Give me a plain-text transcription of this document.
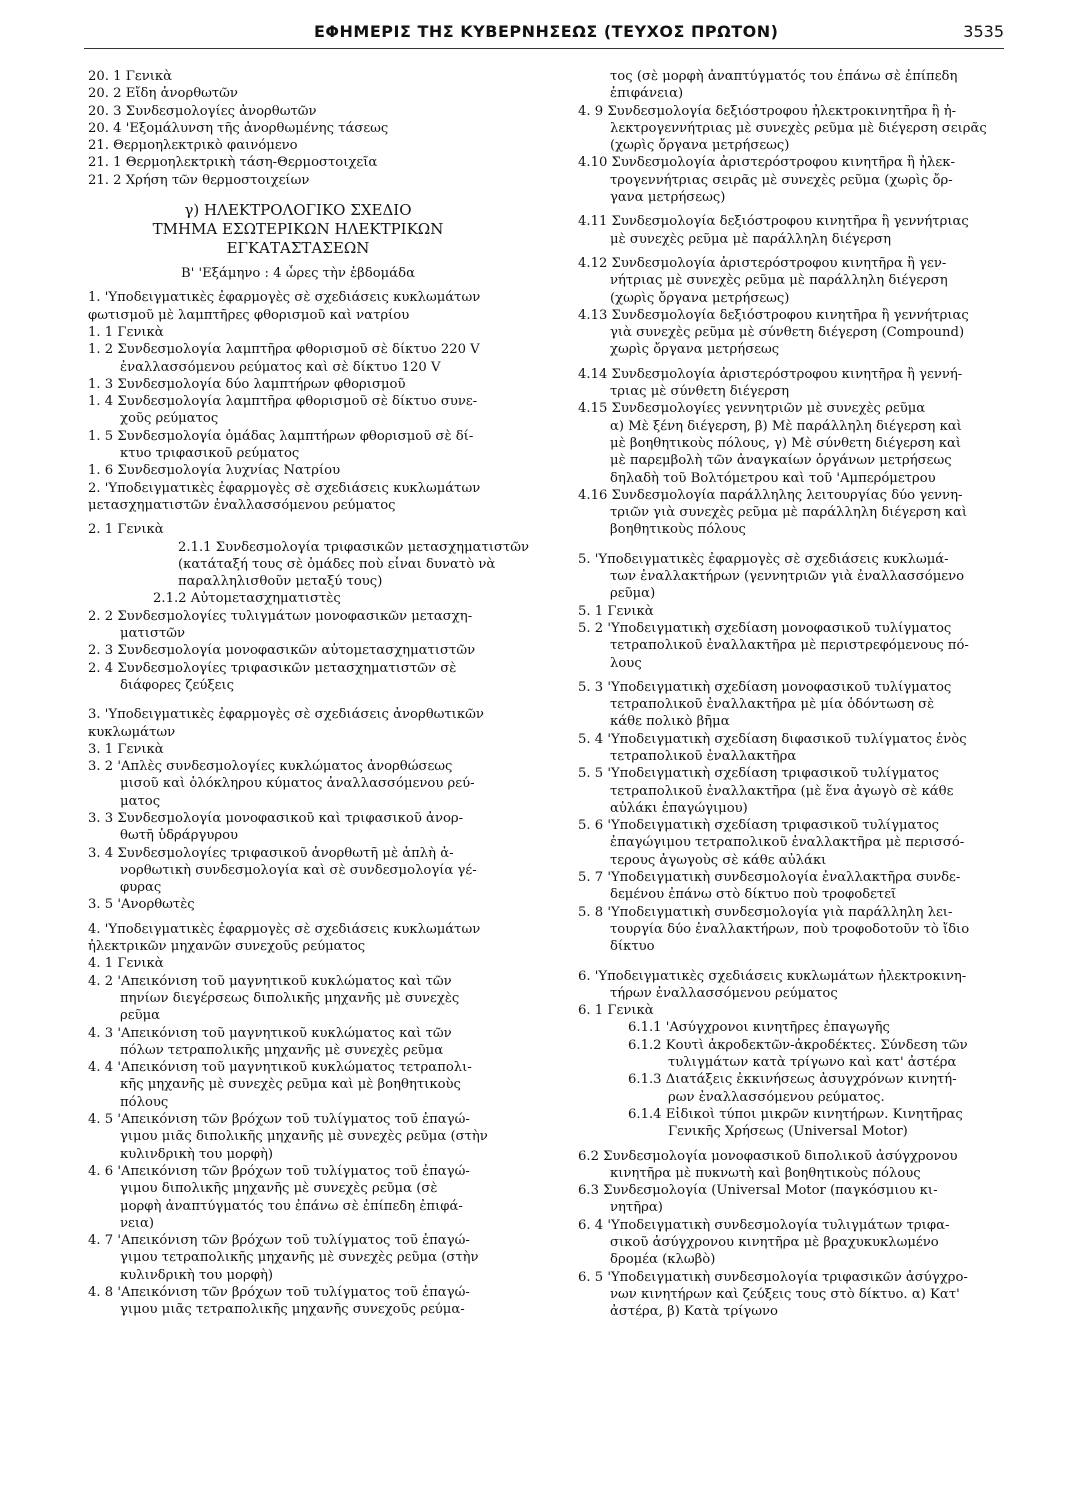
ΕΦΗΜΕΡΙΣ ΤΗΣ ΚΥΒΕΡΝΗΣΕΩΣ (ΤΕΥΧΟΣ ΠΡΩΤΟΝ)	3535
20. 1 Γενικὰ
20. 2 Εἴδη ἀνορθωτῶν
20. 3 Συνδεσμολογίες ἀνορθωτῶν
20. 4 'Εξομάλυνση τῆς ἀνορθωμένης τάσεως
21. Θερμοηλεκτρικὸ φαινόμενο
21. 1 Θερμοηλεκτρικὴ τάση-Θερμοστοιχεῖα
21. 2 Χρήση τῶν θερμοστοιχείων
γ) ΗΛΕΚΤΡΟΛΟΓΙΚΟ ΣΧΕΔΙΟ
ΤΜΗΜΑ ΕΣΩΤΕΡΙΚΩΝ ΗΛΕΚΤΡΙΚΩΝ
ΕΓΚΑΤΑΣΤΑΣΕΩΝ
Β' 'Εξάμηνο : 4 ὧρες τὴν ἑβδομάδα
1. 'Υποδειγματικὲς ἐφαρμογὲς σὲ σχεδιάσεις κυκλωμάτων
φωτισμοῦ μὲ λαμπτῆρες φθορισμοῦ καὶ νατρίου
1. 1 Γενικὰ
1. 2 Συνδεσμολογία λαμπτῆρα φθορισμοῦ σὲ δίκτυο 220 V
ἐναλλασσόμενου ρεύματος καὶ σὲ δίκτυο 120 V
1. 3 Συνδεσμολογία δύο λαμπτήρων φθορισμοῦ
1. 4 Συνδεσμολογία λαμπτῆρα φθορισμοῦ σὲ δίκτυο συνε-
χοῦς ρεύματος
1. 5 Συνδεσμολογία ὁμάδας λαμπτήρων φθορισμοῦ σὲ δί-
κτυο τριφασικοῦ ρεύματος
1. 6 Συνδεσμολογία λυχνίας Νατρίου
2. 'Υποδειγματικὲς ἐφαρμογὲς σὲ σχεδιάσεις κυκλωμάτων
μετασχηματιστῶν ἐναλλασσόμενου ρεύματος
2. 1 Γενικὰ
2.1.1 Συνδεσμολογία τριφασικῶν μετασχηματιστῶν
(κατάταξή τους σὲ ὁμάδες ποὺ εἶναι δυνατὸ νὰ
παραλληλισθοῦν μεταξύ τους)
2.1.2 Αὐτομετασχηματιστὲς
2. 2 Συνδεσμολογίες τυλιγμάτων μονοφασικῶν μετασχη-
ματιστῶν
2. 3 Συνδεσμολογία μονοφασικῶν αὐτομετασχηματιστῶν
2. 4 Συνδεσμολογίες τριφασικῶν μετασχηματιστῶν σὲ
διάφορες ζεύξεις
3. 'Υποδειγματικὲς ἐφαρμογὲς σὲ σχεδιάσεις ἀνορθωτικῶν
κυκλωμάτων
3. 1 Γενικὰ
3. 2 'Απλὲς συνδεσμολογίες κυκλώματος ἀνορθώσεως
μισοῦ καὶ ὁλόκληρου κύματος ἀναλλασσόμενου ρεύ-
ματος
3. 3 Συνδεσμολογία μονοφασικοῦ καὶ τριφασικοῦ ἀνορ-
θωτῆ ὑδράργυρου
3. 4 Συνδεσμολογίες τριφασικοῦ ἀνορθωτῆ μὲ ἁπλὴ ἀ-
νορθωτικὴ συνδεσμολογία καὶ σὲ συνδεσμολογία γέ-
φυρας
3. 5 'Ανορθωτὲς
4. 'Υποδειγματικὲς ἐφαρμογὲς σὲ σχεδιάσεις κυκλωμάτων
ἠλεκτρικῶν μηχανῶν συνεχοῦς ρεύματος
4. 1 Γενικὰ
4. 2 'Απεικόνιση τοῦ μαγνητικοῦ κυκλώματος καὶ τῶν
πηνίων διεγέρσεως διπολικῆς μηχανῆς μὲ συνεχὲς
ρεῦμα
4. 3 'Απεικόνιση τοῦ μαγνητικοῦ κυκλώματος καὶ τῶν
πόλων τετραπολικῆς μηχανῆς μὲ συνεχὲς ρεῦμα
4. 4 'Απεικόνιση τοῦ μαγνητικοῦ κυκλώματος τετραπολι-
κῆς μηχανῆς μὲ συνεχὲς ρεῦμα καὶ μὲ βοηθητικοὺς
πόλους
4. 5 'Απεικόνιση τῶν βρόχων τοῦ τυλίγματος τοῦ ἐπαγώ-
γιμου μιᾶς διπολικῆς μηχανῆς μὲ συνεχὲς ρεῦμα (στὴν
κυλινδρικὴ του μορφὴ)
4. 6 'Απεικόνιση τῶν βρόχων τοῦ τυλίγματος τοῦ ἐπαγώ-
γιμου διπολικῆς μηχανῆς μὲ συνεχὲς ρεῦμα (σὲ
μορφὴ ἀναπτύγματός του ἐπάνω σὲ ἐπίπεδη ἐπιφά-
νεια)
4. 7 'Απεικόνιση τῶν βρόχων τοῦ τυλίγματος τοῦ ἐπαγώ-
γιμου τετραπολικῆς μηχανῆς μὲ συνεχὲς ρεῦμα (στὴν
κυλινδρικὴ του μορφὴ)
4. 8 'Απεικόνιση τῶν βρόχων τοῦ τυλίγματος τοῦ ἐπαγώ-
γιμου μιᾶς τετραπολικῆς μηχανῆς συνεχοῦς ρεύμα-
τος (σὲ μορφὴ ἀναπτύγματός του ἐπάνω σὲ ἐπίπεδη
ἐπιφάνεια)
4. 9 Συνδεσμολογία δεξιόστροφου ἠλεκτροκινητῆρα ἢ ἠ-
λεκτρογεννήτριας μὲ συνεχὲς ρεῦμα μὲ διέγερση σειρᾶς
(χωρὶς ὄργανα μετρήσεως)
4.10 Συνδεσμολογία ἀριστερόστροφου κινητῆρα ἢ ἠλεκ-
τρογεννήτριας σειρᾶς μὲ συνεχὲς ρεῦμα (χωρὶς ὄρ-
γανα μετρήσεως)
4.11 Συνδεσμολογία δεξιόστροφου κινητῆρα ἢ γεννήτριας
μὲ συνεχὲς ρεῦμα μὲ παράλληλη διέγερση
4.12 Συνδεσμολογία ἀριστερόστροφου κινητῆρα ἢ γεν-
νήτριας μὲ συνεχὲς ρεῦμα μὲ παράλληλη διέγερση
(χωρὶς ὄργανα μετρήσεως)
4.13 Συνδεσμολογία δεξιόστροφου κινητῆρα ἢ γεννήτριας
γιὰ συνεχὲς ρεῦμα μὲ σύνθετη διέγερση (Compound)
χωρὶς ὄργανα μετρήσεως
4.14 Συνδεσμολογία ἀριστερόστροφου κινητῆρα ἢ γεννή-
τριας μὲ σύνθετη διέγερση
4.15 Συνδεσμολογίες γεννητριῶν μὲ συνεχὲς ρεῦμα
α) Μὲ ξένη διέγερση, β) Μὲ παράλληλη διέγερση καὶ
μὲ βοηθητικοὺς πόλους, γ) Μὲ σύνθετη διέγερση καὶ
μὲ παρεμβολὴ τῶν ἀναγκαίων ὀργάνων μετρήσεως
δηλαδὴ τοῦ Βολτόμετρου καὶ τοῦ 'Αμπερόμετρου
4.16 Συνδεσμολογία παράλληλης λειτουργίας δύο γεννη-
τριῶν γιὰ συνεχὲς ρεῦμα μὲ παράλληλη διέγερση καὶ
βοηθητικοὺς πόλους
5. 'Υποδειγματικὲς ἐφαρμογὲς σὲ σχεδιάσεις κυκλωμά-
των ἐναλλακτήρων (γεννητριῶν γιὰ ἐναλλασσόμενο
ρεῦμα)
5. 1 Γενικὰ
5. 2 'Υποδειγματικὴ σχεδίαση μονοφασικοῦ τυλίγματος
τετραπολικοῦ ἐναλλακτῆρα μὲ περιστρεφόμενους πό-
λους
5. 3 'Υποδειγματικὴ σχεδίαση μονοφασικοῦ τυλίγματος
τετραπολικοῦ ἐναλλακτῆρα μὲ μία ὀδόντωση σὲ
κάθε πολικὸ βῆμα
5. 4 'Υποδειγματικὴ σχεδίαση διφασικοῦ τυλίγματος ἑνὸς
τετραπολικοῦ ἐναλλακτῆρα
5. 5 'Υποδειγματικὴ σχεδίαση τριφασικοῦ τυλίγματος
τετραπολικοῦ ἐναλλακτῆρα (μὲ ἕνα ἀγωγὸ σὲ κάθε
αὐλάκι ἐπαγώγιμου)
5. 6 'Υποδειγματικὴ σχεδίαση τριφασικοῦ τυλίγματος
ἐπαγώγιμου τετραπολικοῦ ἐναλλακτῆρα μὲ περισσό-
τερους ἀγωγοὺς σὲ κάθε αὐλάκι
5. 7 'Υποδειγματικὴ συνδεσμολογία ἐναλλακτῆρα συνδε-
δεμένου ἐπάνω στὸ δίκτυο ποὺ τροφοδετεῖ
5. 8 'Υποδειγματικὴ συνδεσμολογία γιὰ παράλληλη λει-
τουργία δύο ἐναλλακτήρων, ποὺ τροφοδοτοῦν τὸ ἴδιο
δίκτυο
6. 'Υποδειγματικὲς σχεδιάσεις κυκλωμάτων ἠλεκτροκινη-
τήρων ἐναλλασσόμενου ρεύματος
6. 1 Γενικὰ
6.1.1 'Ασύγχρονοι κινητῆρες ἐπαγωγῆς
6.1.2 Κουτὶ ἀκροδεκτῶν-ἀκροδέκτες. Σύνδεση τῶν
τυλιγμάτων κατὰ τρίγωνο καὶ κατ' ἀστέρα
6.1.3 Διατάξεις ἐκκινήσεως ἀσυγχρόνων κινητή-
ρων ἐναλλασσόμενου ρεύματος.
6.1.4 Εἰδικοὶ τύποι μικρῶν κινητήρων. Κινητῆρας
Γενικῆς Χρήσεως (Universal Motor)
6.2 Συνδεσμολογία μονοφασικοῦ διπολικοῦ ἀσύγχρονου
κινητῆρα μὲ πυκνωτὴ καὶ βοηθητικοὺς πόλους
6.3 Συνδεσμολογία (Universal Motor (παγκόσμιου κι-
νητῆρα)
6. 4 'Υποδειγματικὴ συνδεσμολογία τυλιγμάτων τριφα-
σικοῦ ἀσύγχρονου κινητῆρα μὲ βραχυκυκλωμένο
δρομέα (κλωβὸ)
6. 5 'Υποδειγματικὴ συνδεσμολογία τριφασικῶν ἀσύγχρο-
νων κινητήρων καὶ ζεύξεις τους στὸ δίκτυο. α) Κατ'
ἀστέρα, β) Κατὰ τρίγωνο
